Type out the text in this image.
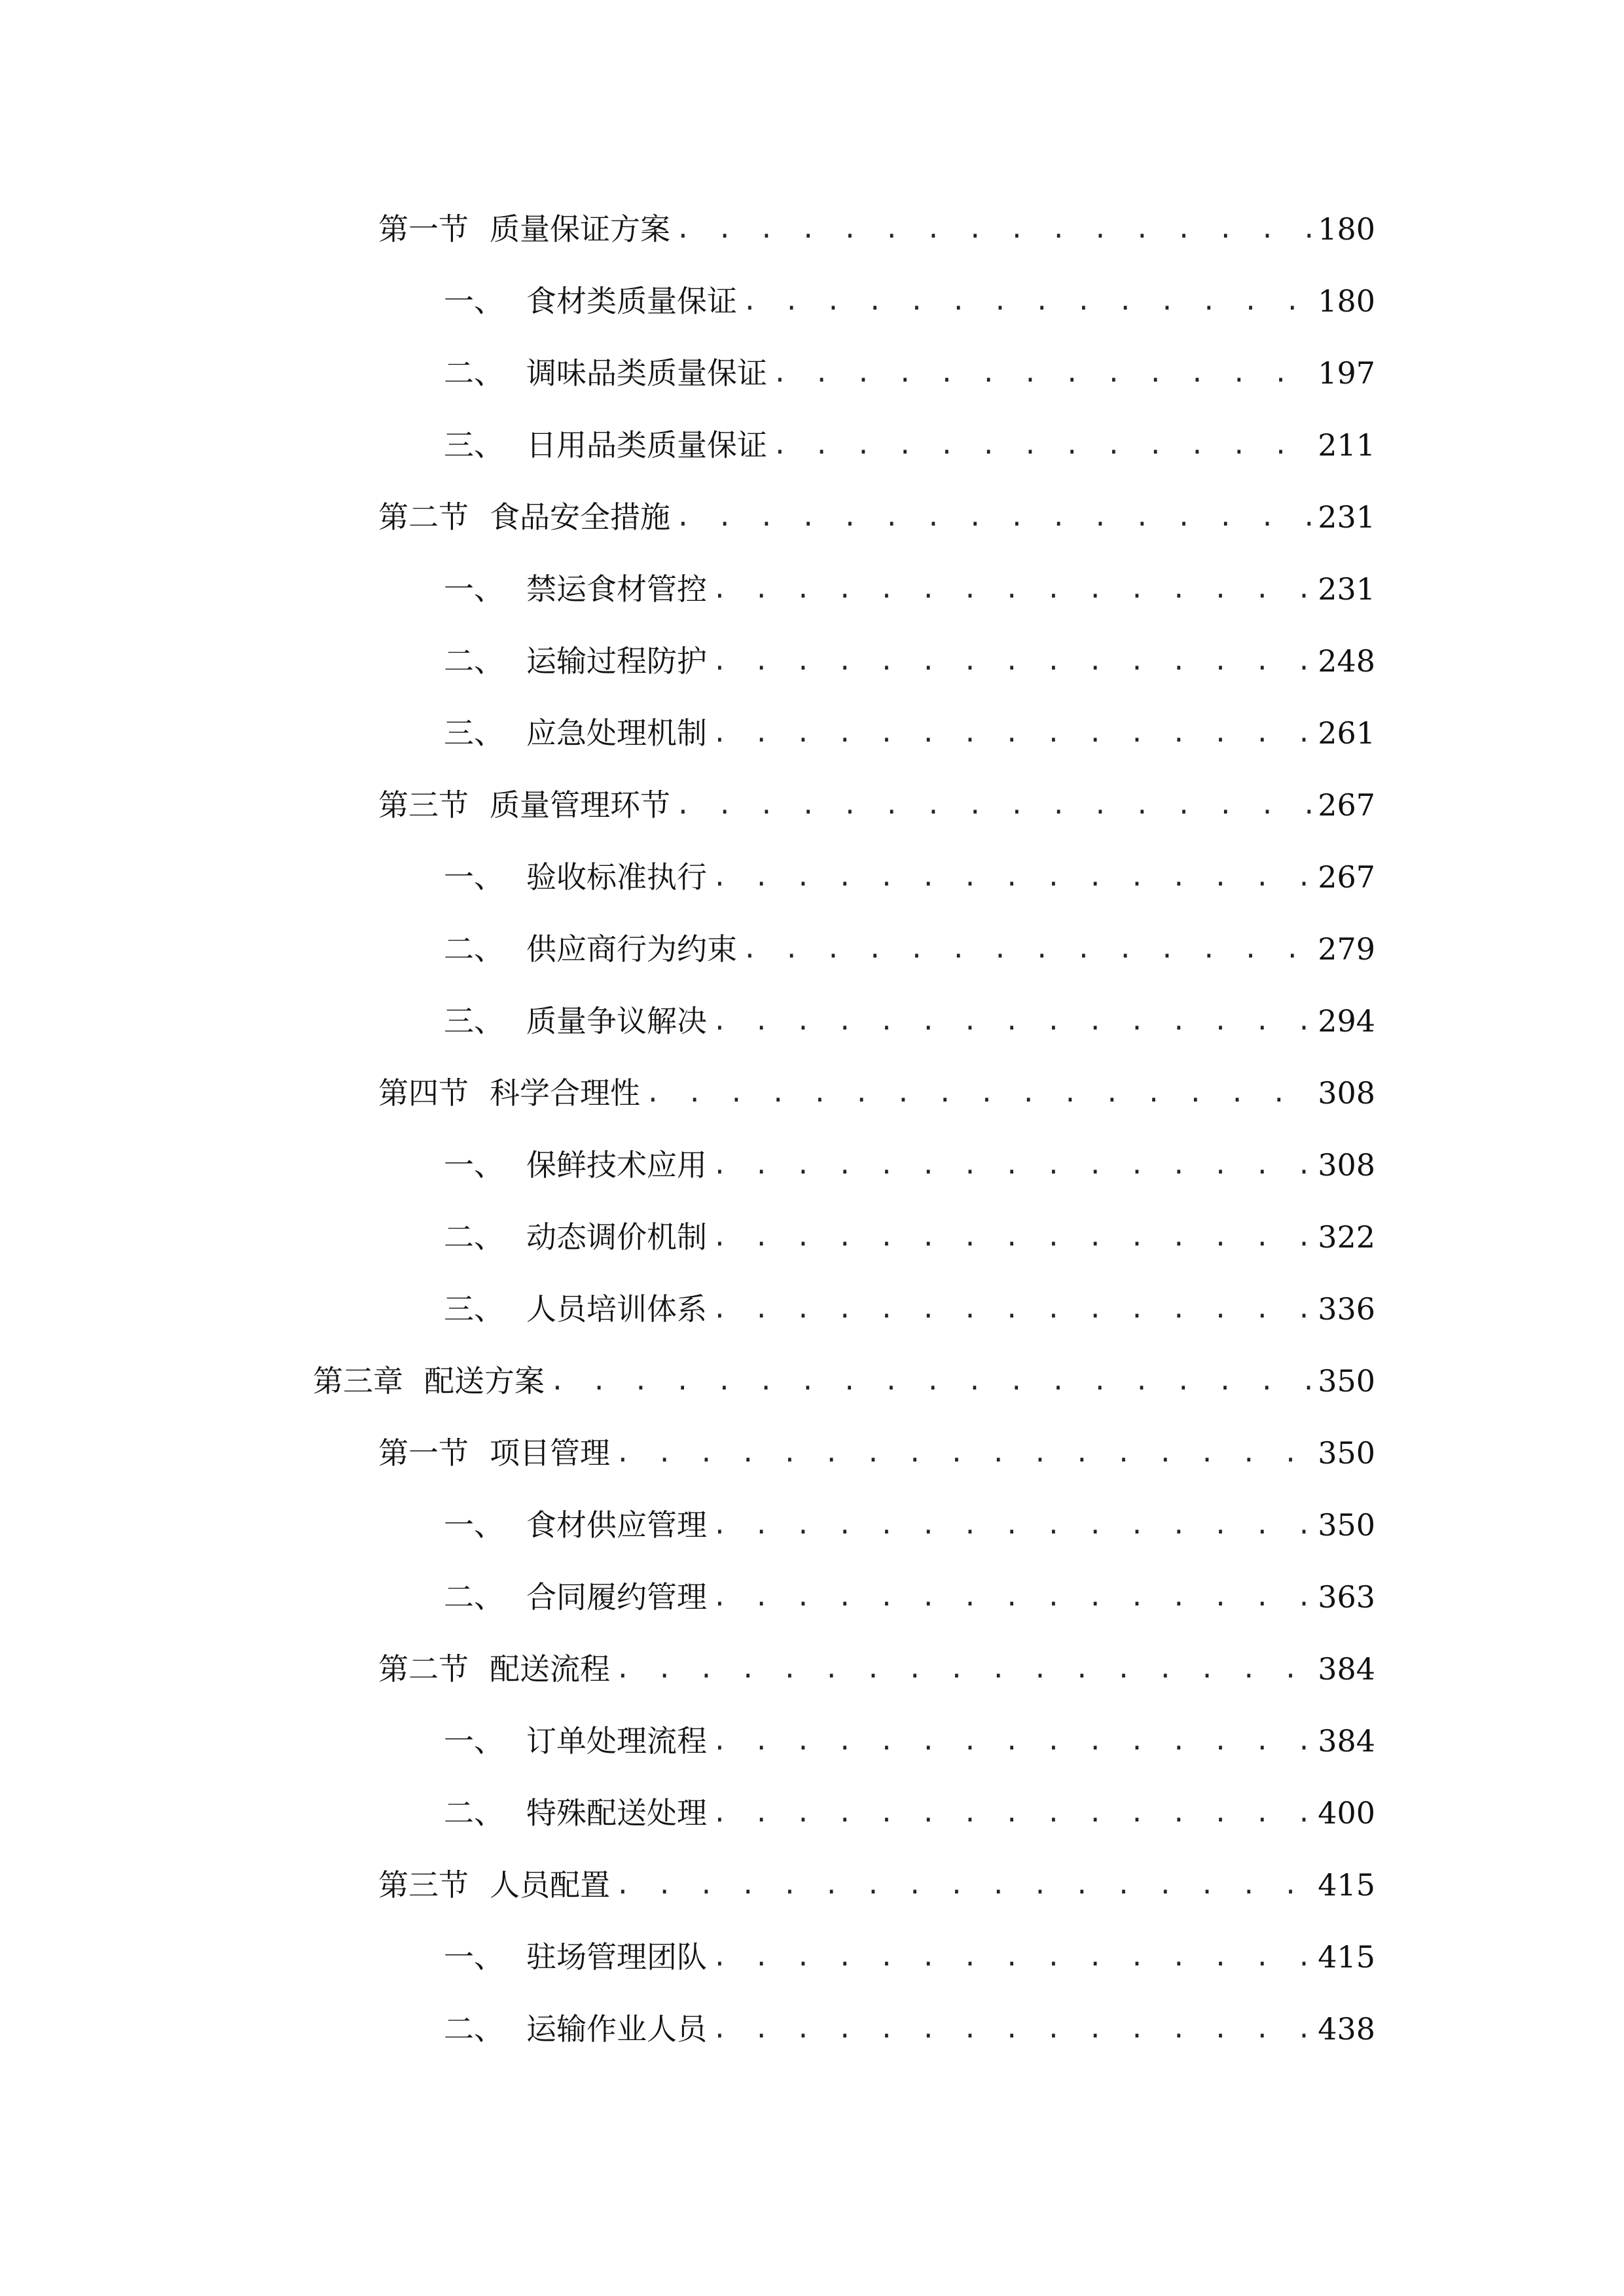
第一节 质量保证方案 . . .	180
一、 食材类质量保证 . . .	180
二、 调味品类质量保证 . . .	197
三、 日用品类质量保证 . . .	211
第二节 食品安全措施 . . .	231
一、 禁运食材管控 . . .	231
二、 运输过程防护 . . .	248
三、 应急处理机制 . . .	261
第三节 质量管理环节 . . .	267
一、 验收标准执行 . . .	267
二、 供应商行为约束 . . .	279
三、 质量争议解决 . . .	294
第四节 科学合理性 . . .	308
一、 保鲜技术应用 . . .	308
二、 动态调价机制 . . .	322
三、 人员培训体系 . . .	336
第三章 配送方案 . . .	350
第一节 项目管理 . . .	350
一、 食材供应管理 . . .	350
二、 合同履约管理 . . .	363
第二节 配送流程 . . .	384
一、 订单处理流程 . . .	384
二、 特殊配送处理 . . .	400
第三节 人员配置 . . .	415
一、 驻场管理团队 . . .	415
二、 运输作业人员 . . .	438
